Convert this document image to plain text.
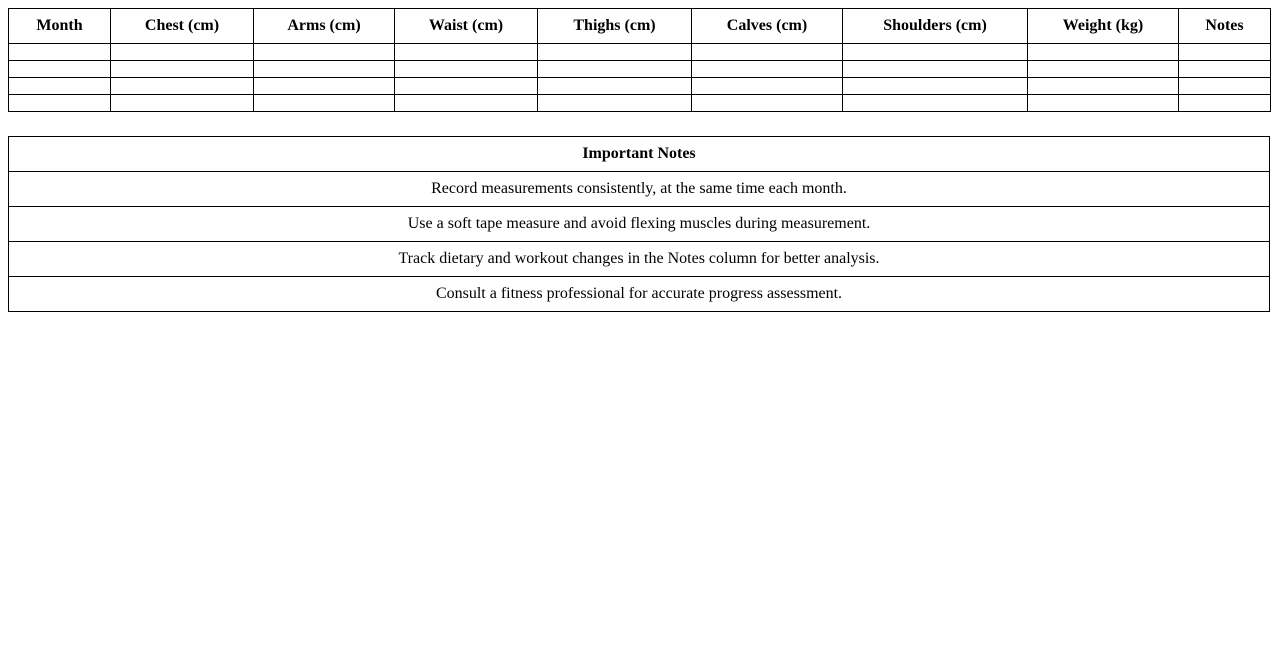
Month	Chest (cm)	Arms (cm)	Waist (cm)	Thighs (cm)	Calves (cm)	Shoulders (cm)	Weight (kg)	Notes

Important Notes
Record measurements consistently, at the same time each month.
Use a soft tape measure and avoid flexing muscles during measurement.
Track dietary and workout changes in the Notes column for better analysis.
Consult a fitness professional for accurate progress assessment.
